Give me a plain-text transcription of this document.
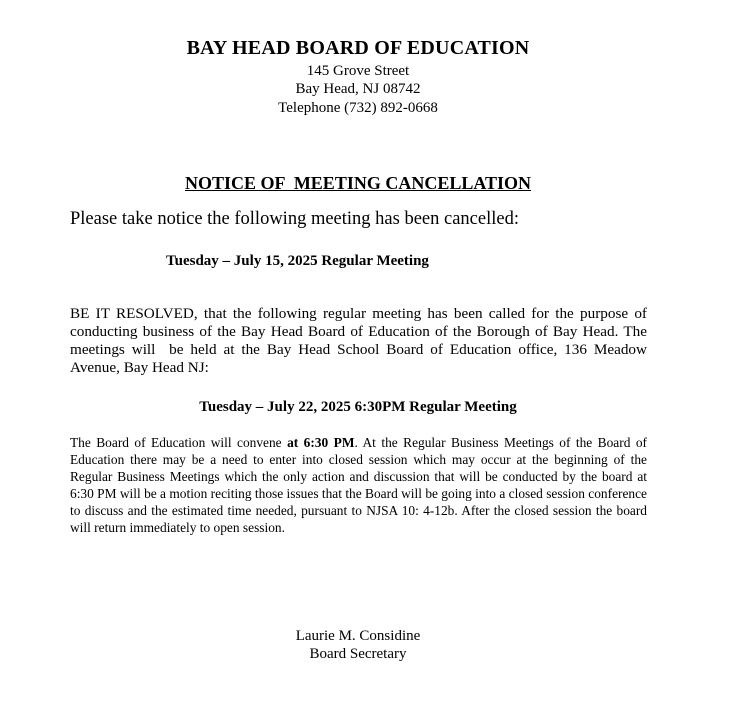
BAY HEAD BOARD OF EDUCATION
145 Grove Street
Bay Head, NJ 08742
Telephone (732) 892-0668
NOTICE OF  MEETING CANCELLATION
Please take notice the following meeting has been cancelled:
Tuesday – July 15, 2025 Regular Meeting

BE IT RESOLVED, that the following regular meeting has been called for the purpose of conducting business of the Bay Head Board of Education of the Borough of Bay Head. The meetings will  be held at the Bay Head School Board of Education office, 136 Meadow Avenue, Bay Head NJ:

Tuesday – July 22, 2025 6:30PM Regular Meeting

The Board of Education will convene at 6:30 PM. At the Regular Business Meetings of the Board of Education there may be a need to enter into closed session which may occur at the beginning of the Regular Business Meetings which the only action and discussion that will be conducted by the board at 6:30 PM will be a motion reciting those issues that the Board will be going into a closed session conference to discuss and the estimated time needed, pursuant to NJSA 10: 4-12b. After the closed session the board will return immediately to open session.

Laurie M. Considine
Board Secretary
